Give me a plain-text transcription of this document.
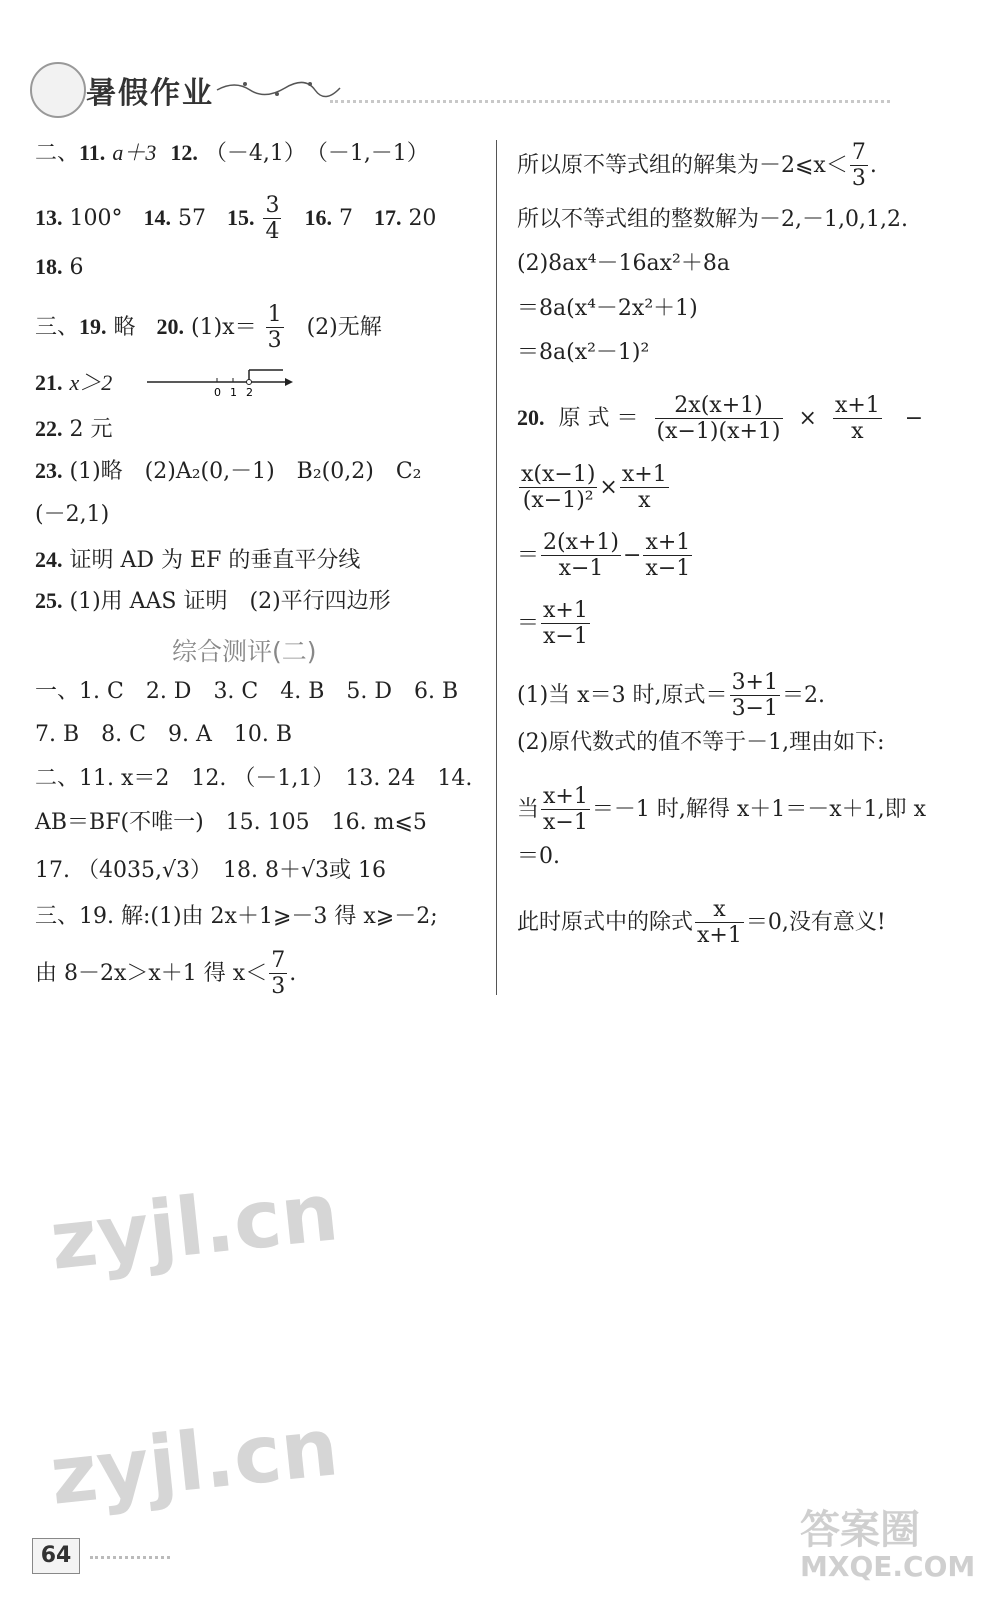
暑假作业
二、11. a＋3 12. （－4,1）　（－1,－1）
13. 100° 14. 57 15. $\frac{3}{4} 16$. 7 17. 20
18. 6
三、19. 略 20. $(1)x= \frac{1}{3} (2)$无解
21. x＞2	0 1 2
22. 2 元
23. (1)略　(2)A₂(0,－1)　B₂(0,2)　C₂
(－2,1)
24. 证明 AD 为 EF 的垂直平分线
25. (1)用 AAS 证明　(2)平行四边形
综合测评(二)
一、1. C　2. D　3. C　4. B　5. D　6. B
7. B　8. C　9. A　10. B
二、11. x＝2　12. （－1,1）　13. 24　14.
AB＝BF(不唯一)　15. 105　16. m⩽5
17. （4035,√3）　18. 8＋√3或 16
三、19. 解:(1)由 2x＋1⩾－3 得 x⩾－2;
由 8－2x＞x＋1 得 $x< \frac{7}{3}$ .
所以原不等式组的解集为－2⩽x＜ $\frac{7}{3}$ .
所以不等式组的整数解为－2,－1,0,1,2.
(2)8ax⁴－16ax²＋8a
＝8a(x⁴－2x²＋1)
＝8a(x²－1)²
20. 原 式 ＝ $\frac{2x(x+1)}{(x-1)(x+1)} \times \frac{x+1}{x}$ −
$\frac{x(x-1)}{\text{(x−1)²}} \times \frac{x+1}{x}$
＝ $\frac{2(x+1)}{x-1} - \frac{x+1}{x-1}$
＝ $\frac{x+1}{x-1}$
(1)当 x＝3 时,原式＝ $\frac{3+1}{3-1} =2$.
(2)原代数式的值不等于－1,理由如下:
当 $\frac{x+1}{x-1} =-1$ 时,解得 x＋1＝－x＋1,即 x
＝0.
此时原式中的除式 $\frac{x}{x+1} =0$,没有意义!
zyjl.cn
zyjl.cn
答案圈
MXQE.COM
64
